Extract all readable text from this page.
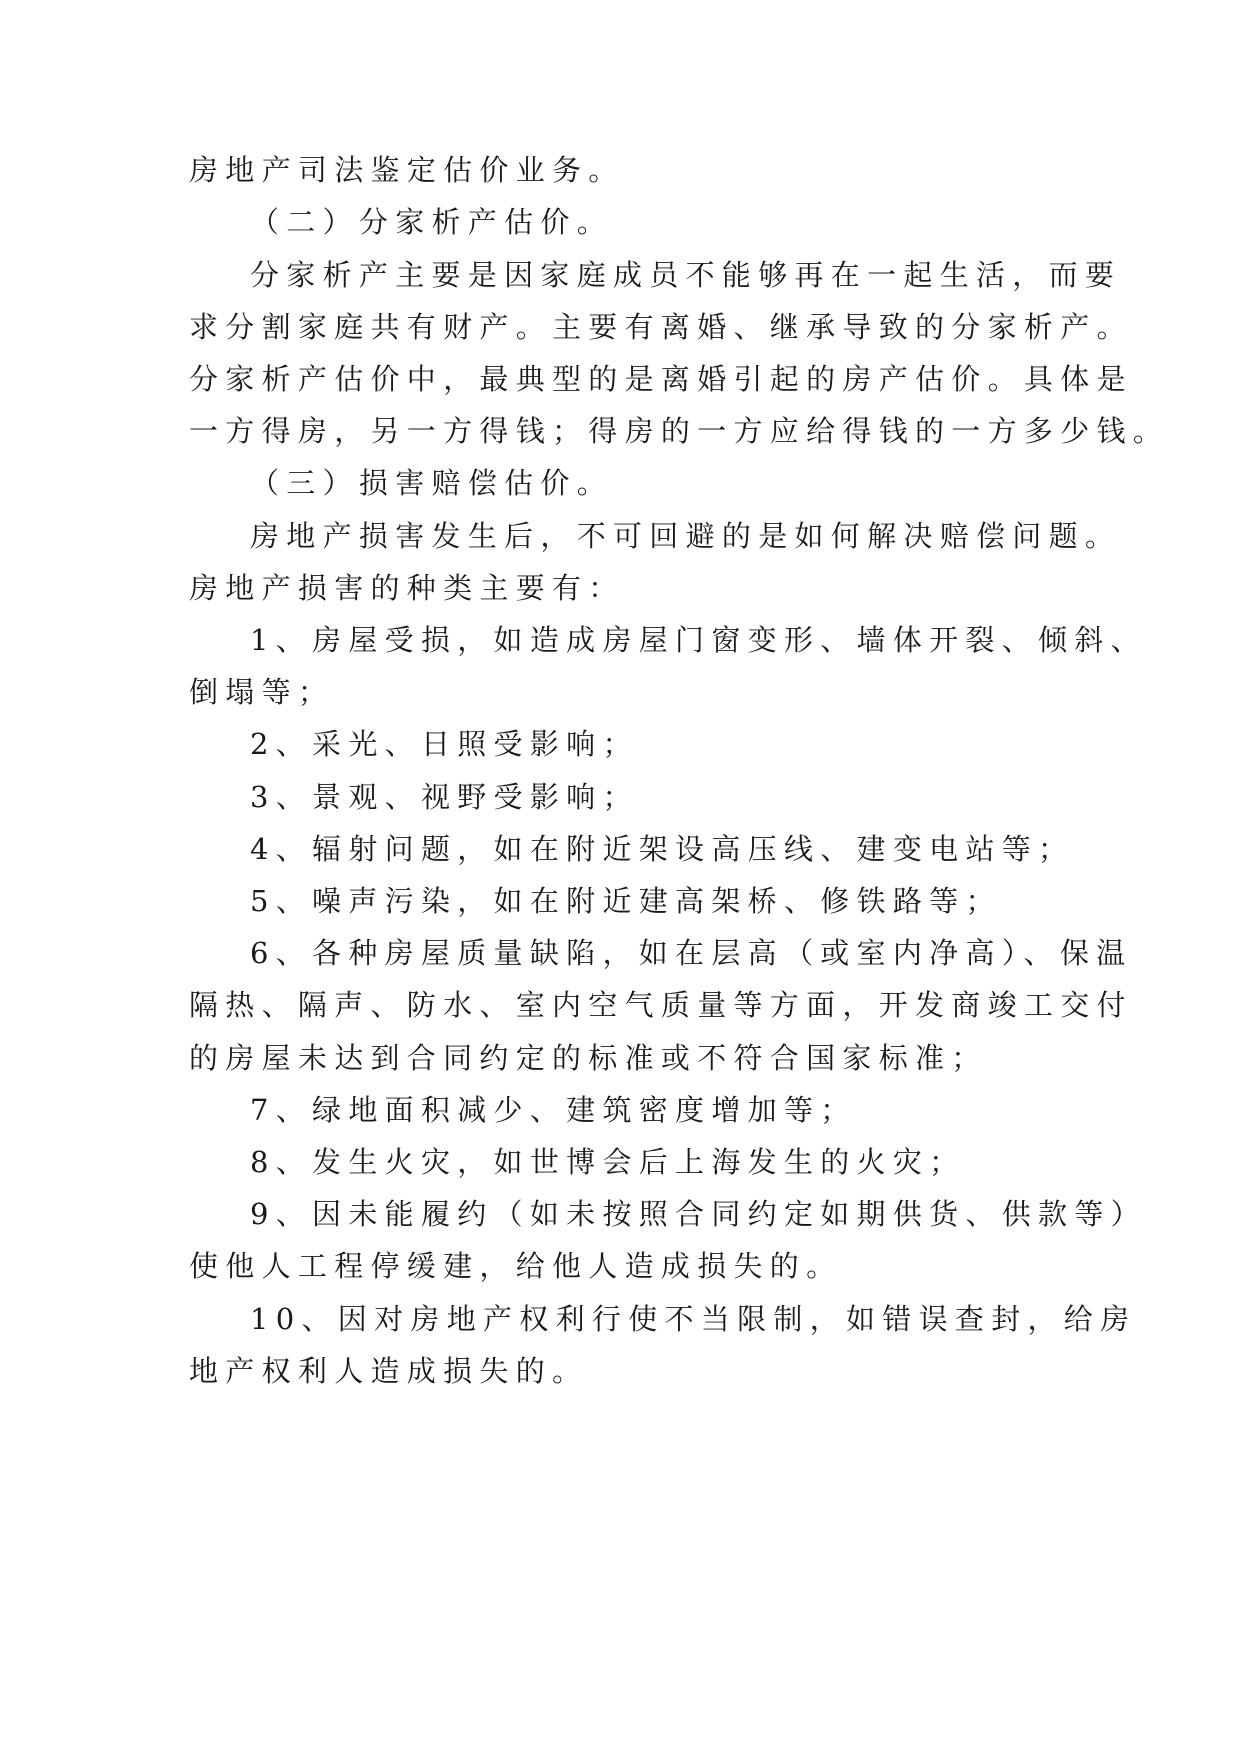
房地产司法鉴定估价业务。
（二）分家析产估价。
分家析产主要是因家庭成员不能够再在一起生活，而要
求分割家庭共有财产。主要有离婚、继承导致的分家析产。
分家析产估价中，最典型的是离婚引起的房产估价。具体是
一方得房，另一方得钱；得房的一方应给得钱的一方多少钱。
（三）损害赔偿估价。
房地产损害发生后，不可回避的是如何解决赔偿问题。
房地产损害的种类主要有：
1、房屋受损，如造成房屋门窗变形、墙体开裂、倾斜、
倒塌等；
2、采光、日照受影响；
3、景观、视野受影响；
4、辐射问题，如在附近架设高压线、建变电站等；
5、噪声污染，如在附近建高架桥、修铁路等；
6、各种房屋质量缺陷，如在层高（或室内净高）、保温
隔热、隔声、防水、室内空气质量等方面，开发商竣工交付
的房屋未达到合同约定的标准或不符合国家标准；
7、绿地面积减少、建筑密度增加等；
8、发生火灾，如世博会后上海发生的火灾；
9、因未能履约（如未按照合同约定如期供货、供款等）
使他人工程停缓建，给他人造成损失的。
10、因对房地产权利行使不当限制，如错误查封，给房
地产权利人造成损失的。
